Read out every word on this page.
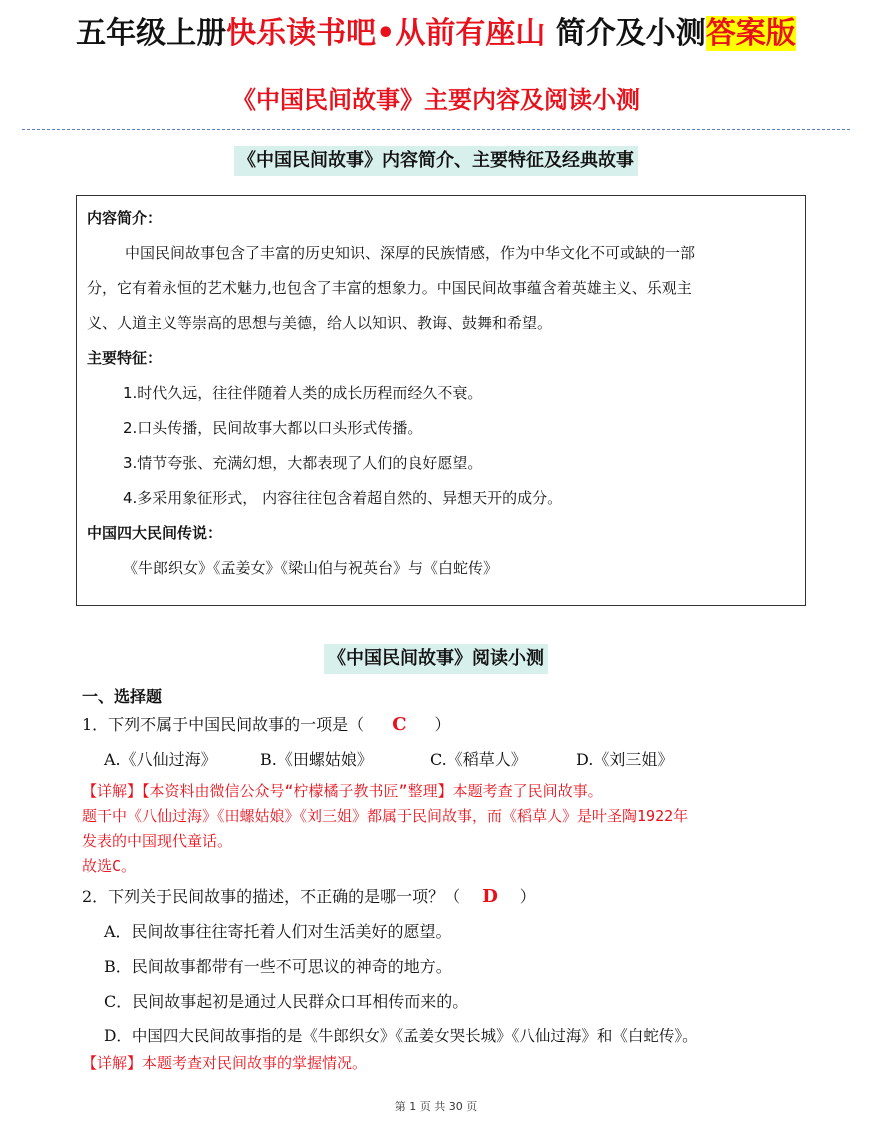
五年级上册快乐读书吧•从前有座山 简介及小测答案版
《中国民间故事》主要内容及阅读小测
《中国民间故事》内容简介、主要特征及经典故事
内容简介：
中国民间故事包含了丰富的历史知识、深厚的民族情感，作为中华文化不可或缺的一部
分，它有着永恒的艺术魅力,也包含了丰富的想象力。中国民间故事蕴含着英雄主义、乐观主
义、人道主义等崇高的思想与美德，给人以知识、教诲、鼓舞和希望。
主要特征：
1.时代久远，往往伴随着人类的成长历程而经久不衰。
2.口头传播，民间故事大都以口头形式传播。
3.情节夸张、充满幻想，大都表现了人们的良好愿望。
4.多采用象征形式， 内容往往包含着超自然的、异想天开的成分。
中国四大民间传说：
《牛郎织女》《孟姜女》《梁山伯与祝英台》与《白蛇传》
《中国民间故事》阅读小测
一、选择题
1．下列不属于中国民间故事的一项是（ C ）
A.《八仙过海》	B.《田螺姑娘》	C.《稻草人》	D.《刘三姐》
【详解】【本资料由微信公众号“柠檬橘子教书匠”整理】本题考查了民间故事。
题干中《八仙过海》《田螺姑娘》《刘三姐》都属于民间故事，而《稻草人》是叶圣陶1922年
发表的中国现代童话。
故选C。
2．下列关于民间故事的描述，不正确的是哪一项？（ D ）
A．民间故事往往寄托着人们对生活美好的愿望。
B．民间故事都带有一些不可思议的神奇的地方。
C．民间故事起初是通过人民群众口耳相传而来的。
D．中国四大民间故事指的是《牛郎织女》《孟姜女哭长城》《八仙过海》和《白蛇传》。
【详解】本题考查对民间故事的掌握情况。
第 1 页 共 30 页
